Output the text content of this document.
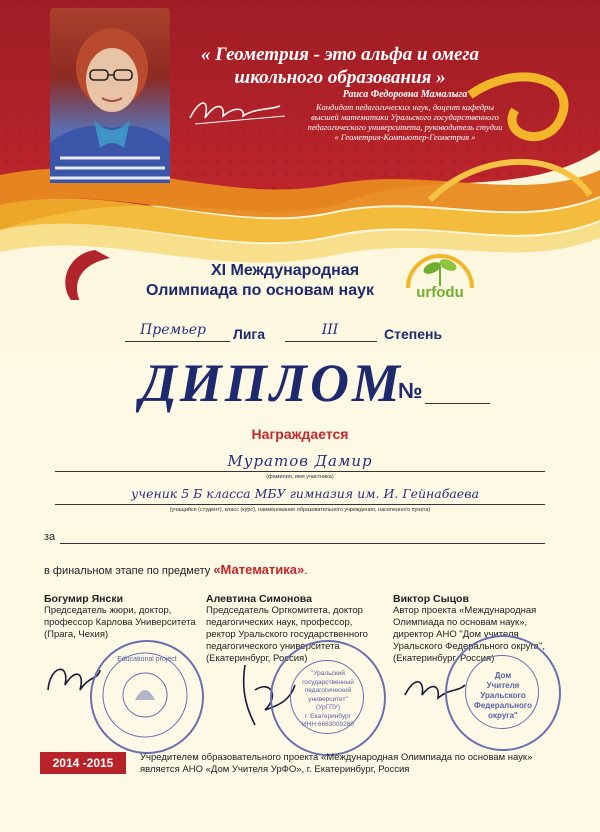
« Геометрия - это альфа и омега
школьного образования »
Раиса Федоровна Мамалыга
Кандидат педагогических наук, доцент кафедры
высшей математики Уральского государственного
педагогического университета, руководитель студии
« Геометрия-Компьютер-Геометрия »
XI Международная
Олимпиада по основам наук	urfodu
Премьер	Лига	III	Степень
ДИПЛОМ
№
Награждается
Муратов Дамир
(фамилия, имя участника)
ученик 5 Б класса МБУ гимназия им. И. Гейнабаева
(учащийся (студент), класс (курс), наименование образовательного учреждения, населенного пункта)
за
в финальном этапе по предмету «Математика».
Богумир Янски
Председатель жюри, доктор,
профессор Карлова Университета
(Прага, Чехия)
Алевтина Симонова
Председатель Оргкомитета, доктор
педагогических наук, профессор,
ректор Уральского государственного
педагогического университета
(Екатеринбург, Россия)
Виктор Сыцов
Автор проекта «Международная
Олимпиада по основам наук»,
директор АНО "Дом учителя
Уральского Федерального округа",
(Екатеринбург, Россия)
Educational project
"Уральский
государственный
педагогический
университет"
(УрГПУ)
г. Екатеринбург
ИНН 6663009280
Дом
Учителя
Уральского
Федерального
округа"
2014 -2015	Учредителем образовательного проекта «Международная Олимпиада по основам наук»
является АНО «Дом Учителя УрФО», г. Екатеринбург, Россия
